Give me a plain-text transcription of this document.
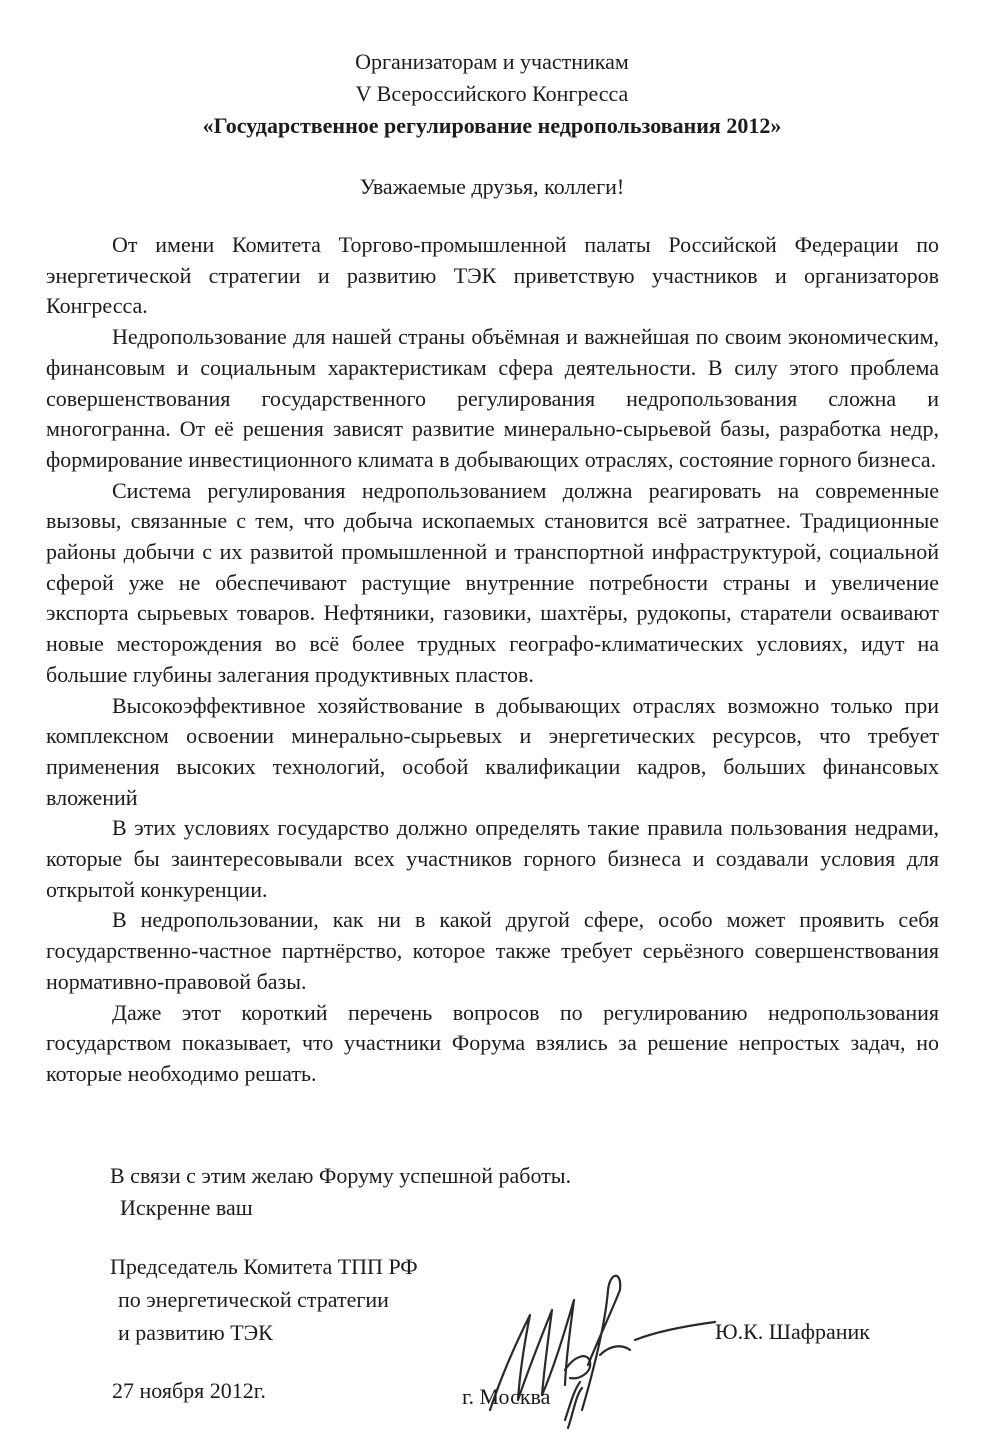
Организаторам и участникам
V Всероссийского Конгресса
«Государственное регулирование недропользования 2012»
Уважаемые друзья, коллеги!

От имени Комитета Торгово-промышленной палаты Российской Федерации по энергетической стратегии и развитию ТЭК приветствую участников и организаторов Конгресса.

Недропользование для нашей страны объёмная и важнейшая по своим экономическим, финансовым и социальным характеристикам сфера деятельности. В силу этого проблема совершенствования государственного регулирования недропользования сложна и многогранна. От её решения зависят развитие минерально-сырьевой базы, разработка недр, формирование инвестиционного климата в добывающих отраслях, состояние горного бизнеса.

Система регулирования недропользованием должна реагировать на современные вызовы, связанные с тем, что добыча ископаемых становится всё затратнее. Традиционные районы добычи с их развитой промышленной и транспортной инфраструктурой, социальной сферой уже не обеспечивают растущие внутренние потребности страны и увеличение экспорта сырьевых товаров. Нефтяники, газовики, шахтёры, рудокопы, старатели осваивают новые месторождения во всё более трудных географо-климатических условиях, идут на большие глубины залегания продуктивных пластов.

Высокоэффективное хозяйствование в добывающих отраслях возможно только при комплексном освоении минерально-сырьевых и энергетических ресурсов, что требует применения высоких технологий, особой квалификации кадров, больших финансовых вложений

В этих условиях государство должно определять такие правила пользования недрами, которые бы заинтересовывали всех участников горного бизнеса и создавали условия для открытой конкуренции.

В недропользовании, как ни в какой другой сфере, особо может проявить себя государственно-частное партнёрство, которое также требует серьёзного совершенствования нормативно-правовой базы.

Даже этот короткий перечень вопросов по регулированию недропользования государством показывает, что участники Форума взялись за решение непростых задач, но которые необходимо решать.

В связи с этим желаю Форуму успешной работы.
Искренне ваш
Председатель Комитета ТПП РФ
по энергетической стратегии
и развитию ТЭК	Ю.К. Шафраник
27 ноября 2012г.	г. Москва
